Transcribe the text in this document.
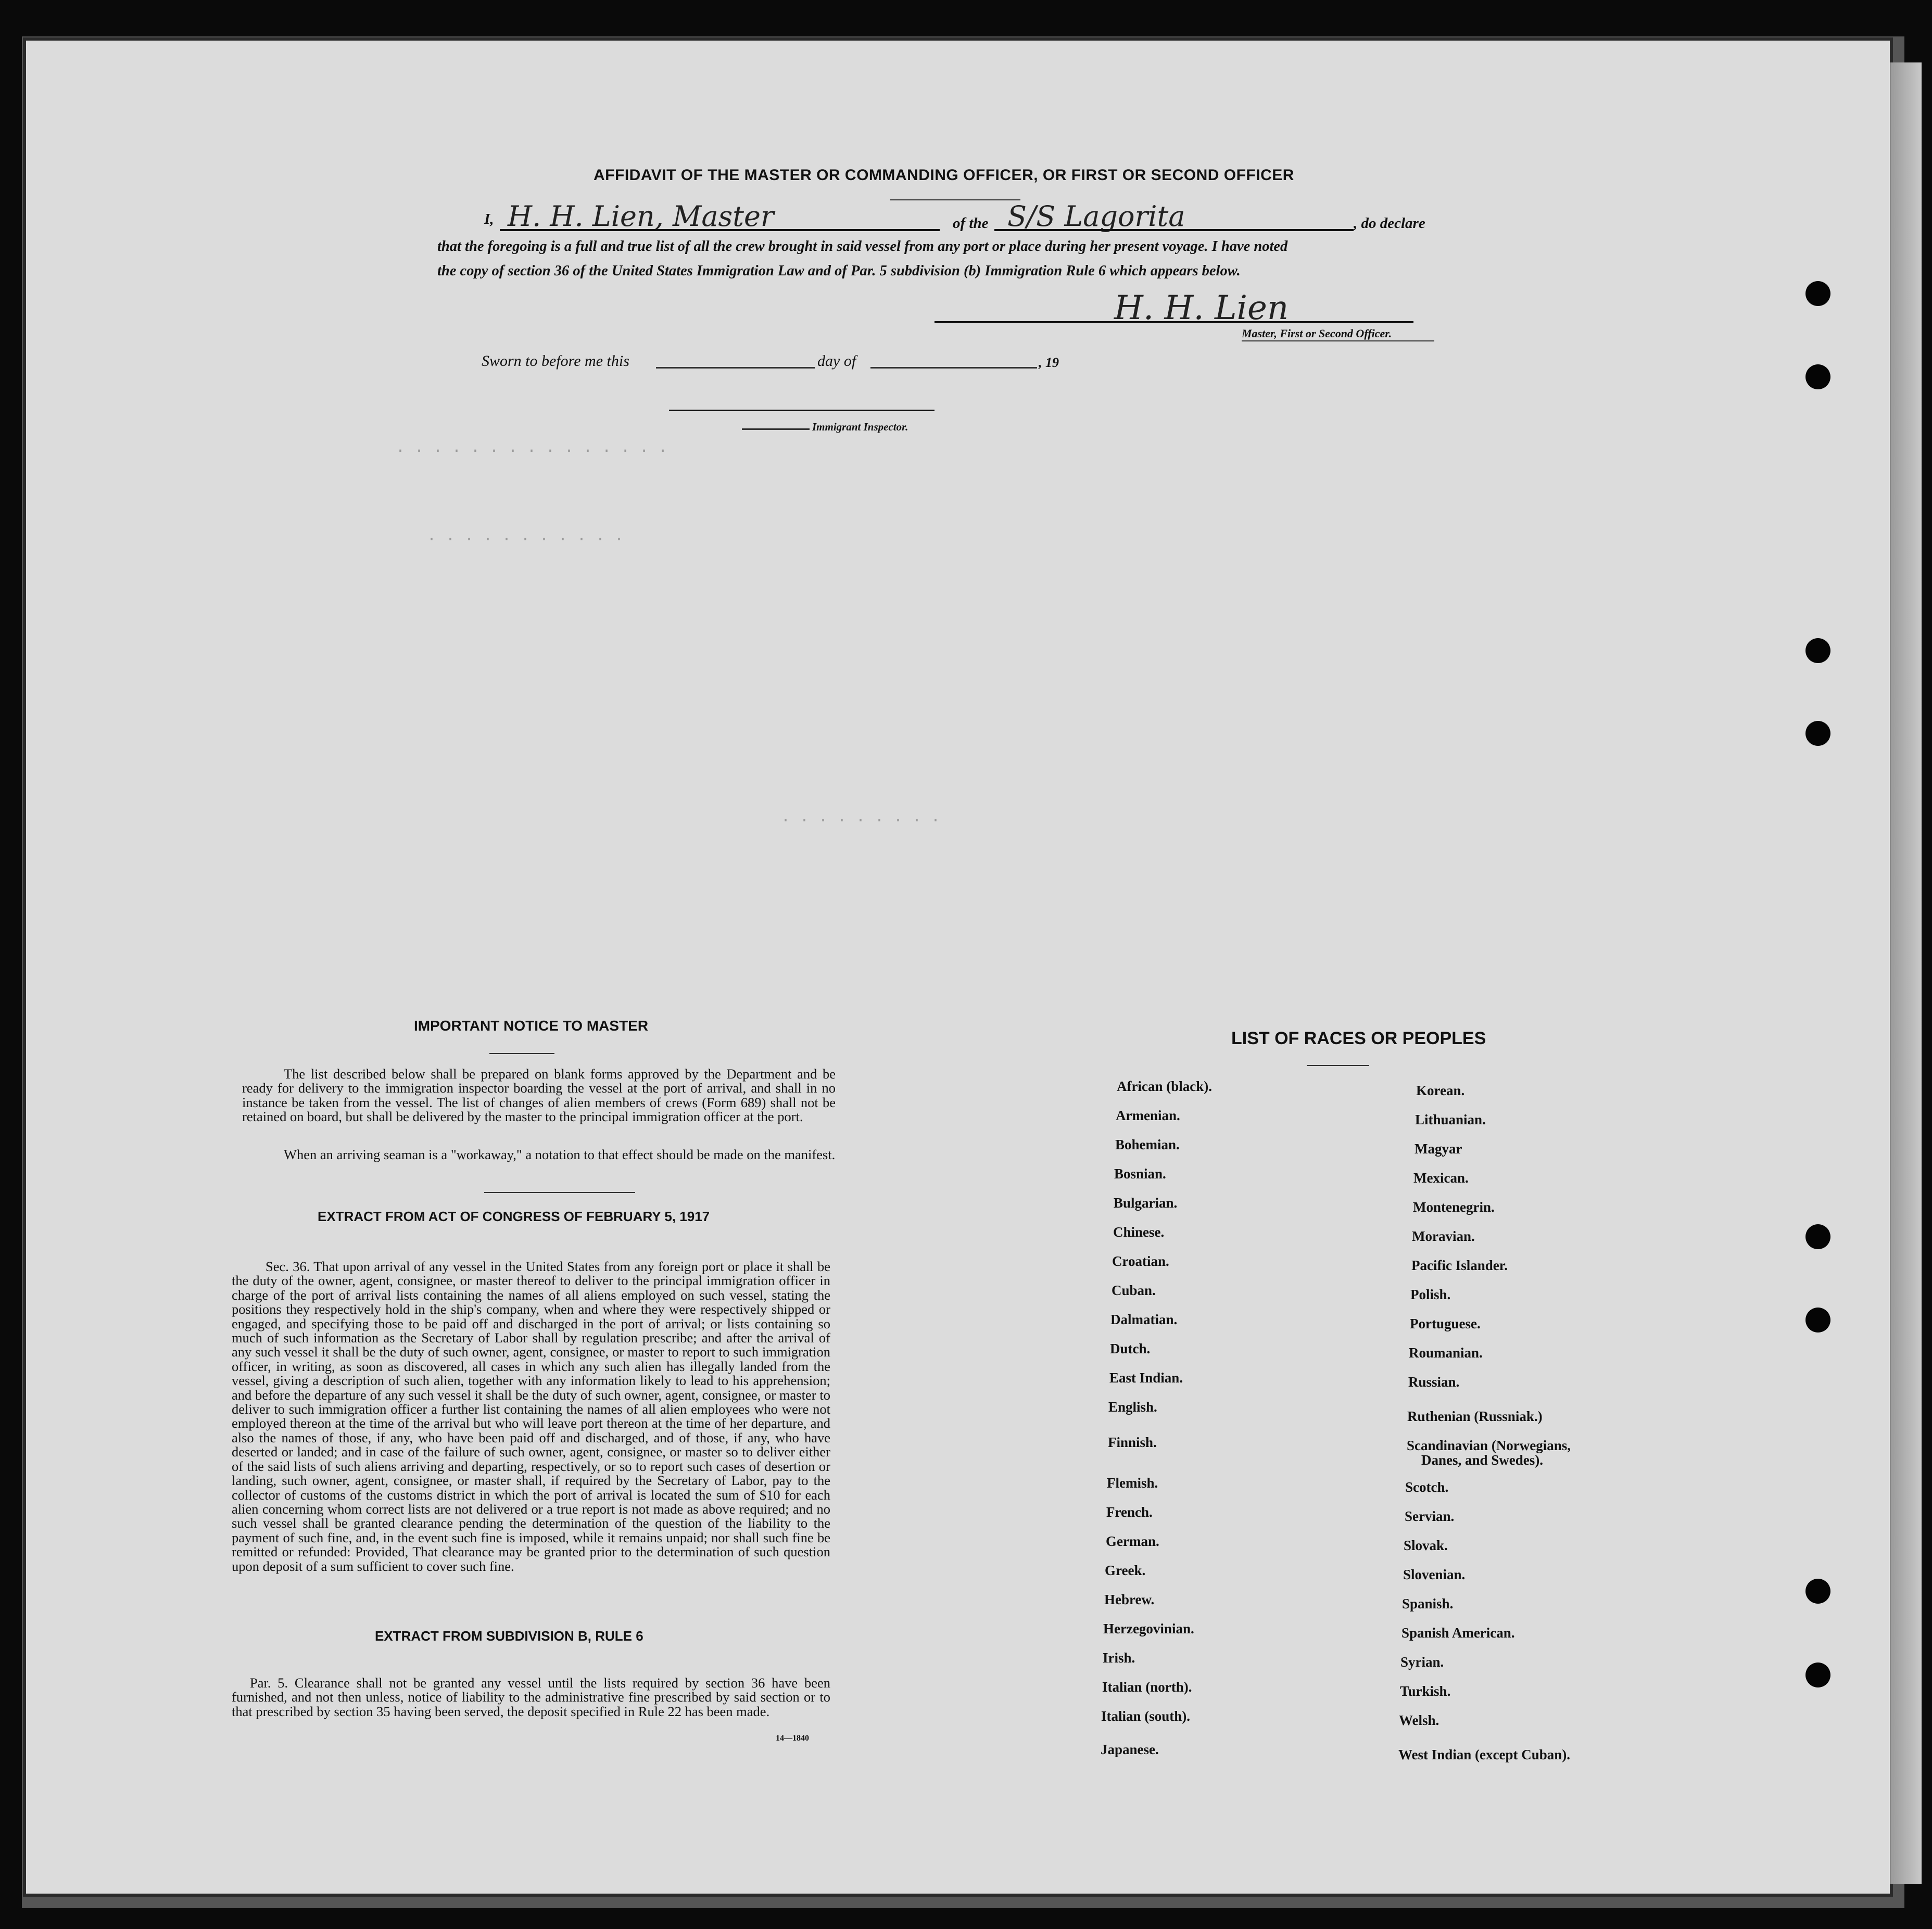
· · · · · · · · · · · · · · ·
· · · · · · · · · · ·
· · · · · · · · ·
AFFIDAVIT OF THE MASTER OR COMMANDING OFFICER, OR FIRST OR SECOND OFFICER
I, H. H. Lien, Master	of the S/S Lagorita	, do declare
that the foregoing is a full and true list of all the crew brought in said vessel from any port or place during her present voyage. I have noted
the copy of section 36 of the United States Immigration Law and of Par. 5 subdivision (b) Immigration Rule 6 which appears below.
H. H. Lien
Master, First or Second Officer.
Sworn to before me this	day of	, 19
Immigrant Inspector.
IMPORTANT NOTICE TO MASTER
The list described below shall be prepared on blank forms approved by the Department and be ready for delivery to the immigration inspector boarding the vessel at the port of arrival, and shall in no instance be taken from the vessel. The list of changes of alien members of crews (Form 689) shall not be retained on board, but shall be delivered by the master to the principal immigration officer at the port.
When an arriving seaman is a "workaway," a notation to that effect should be made on the manifest.
EXTRACT FROM ACT OF CONGRESS OF FEBRUARY 5, 1917
Sec. 36. That upon arrival of any vessel in the United States from any foreign port or place it shall be the duty of the owner, agent, consignee, or master thereof to deliver to the principal immigration officer in charge of the port of arrival lists containing the names of all aliens employed on such vessel, stating the positions they respectively hold in the ship's company, when and where they were respectively shipped or engaged, and specifying those to be paid off and discharged in the port of arrival; or lists containing so much of such information as the Secretary of Labor shall by regulation prescribe; and after the arrival of any such vessel it shall be the duty of such owner, agent, consignee, or master to report to such immigration officer, in writing, as soon as discovered, all cases in which any such alien has illegally landed from the vessel, giving a description of such alien, together with any information likely to lead to his apprehension; and before the departure of any such vessel it shall be the duty of such owner, agent, consignee, or master to deliver to such immigration officer a further list containing the names of all alien employees who were not employed thereon at the time of the arrival but who will leave port thereon at the time of her departure, and also the names of those, if any, who have been paid off and discharged, and of those, if any, who have deserted or landed; and in case of the failure of such owner, agent, consignee, or master so to deliver either of the said lists of such aliens arriving and departing, respectively, or so to report such cases of desertion or landing, such owner, agent, consignee, or master shall, if required by the Secretary of Labor, pay to the collector of customs of the customs district in which the port of arrival is located the sum of $10 for each alien concerning whom correct lists are not delivered or a true report is not made as above required; and no such vessel shall be granted clearance pending the determination of the question of the liability to the payment of such fine, and, in the event such fine is imposed, while it remains unpaid; nor shall such fine be remitted or refunded: Provided, That clearance may be granted prior to the determination of such question upon deposit of a sum sufficient to cover such fine.
EXTRACT FROM SUBDIVISION B, RULE 6
Par. 5. Clearance shall not be granted any vessel until the lists required by section 36 have been furnished, and not then unless, notice of liability to the administrative fine prescribed by said section or to that prescribed by section 35 having been served, the deposit specified in Rule 22 has been made.
14—1840
LIST OF RACES OR PEOPLES
African (black).
Armenian.
Bohemian.
Bosnian.
Bulgarian.
Chinese.
Croatian.
Cuban.
Dalmatian.
Dutch.
East Indian.
English.
Finnish.
Flemish.
French.
German.
Greek.
Hebrew.
Herzegovinian.
Irish.
Italian (north).
Italian (south).
Japanese.
Korean.
Lithuanian.
Magyar
Mexican.
Montenegrin.
Moravian.
Pacific Islander.
Polish.
Portuguese.
Roumanian.
Russian.
Ruthenian (Russniak.)
Scandinavian (Norwegians,
Danes, and Swedes).
Scotch.
Servian.
Slovak.
Slovenian.
Spanish.
Spanish American.
Syrian.
Turkish.
Welsh.
West Indian (except Cuban).
